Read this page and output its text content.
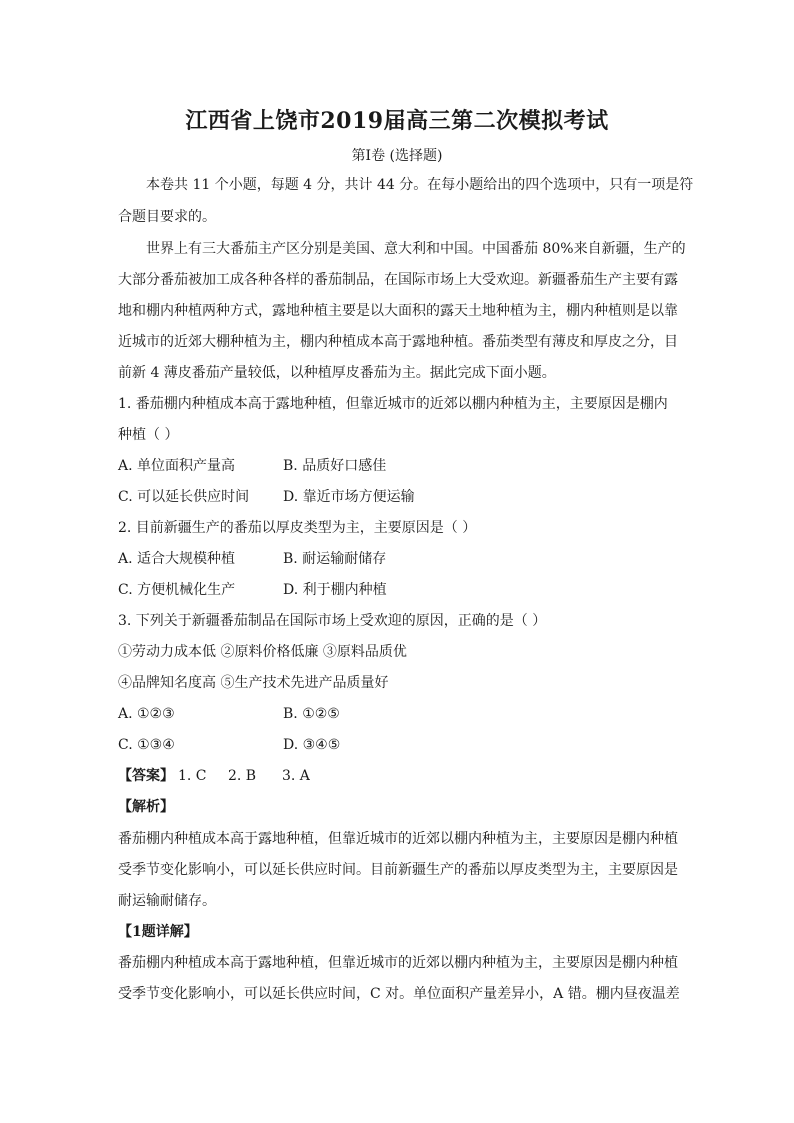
江西省上饶市2019届高三第二次模拟考试
第Ⅰ卷 (选择题)
本卷共 11 个小题，每题 4 分，共计 44 分。在每小题给出的四个选项中，只有一项是符
合题目要求的。
世界上有三大番茄主产区分别是美国、意大利和中国。中国番茄 80%来自新疆，生产的
大部分番茄被加工成各种各样的番茄制品，在国际市场上大受欢迎。新疆番茄生产主要有露
地和棚内种植两种方式，露地种植主要是以大面积的露天土地种植为主，棚内种植则是以靠
近城市的近郊大棚种植为主，棚内种植成本高于露地种植。番茄类型有薄皮和厚皮之分，目
前新 4 薄皮番茄产量较低，以种植厚皮番茄为主。据此完成下面小题。
1. 番茄棚内种植成本高于露地种植，但靠近城市的近郊以棚内种植为主，主要原因是棚内
种植（ ）
A. 单位面积产量高	B. 品质好口感佳
C. 可以延长供应时间 D. 靠近市场方便运输
2. 目前新疆生产的番茄以厚皮类型为主，主要原因是（ ）
A. 适合大规模种植	B. 耐运输耐储存
C. 方便机械化生产	D. 利于棚内种植
3. 下列关于新疆番茄制品在国际市场上受欢迎的原因，正确的是（ ）
①劳动力成本低 ②原料价格低廉 ③原料品质优
④品牌知名度高 ⑤生产技术先进产品质量好
A. ①②③	B. ①②⑤
C. ①③④	D. ③④⑤
【答案】 1. C 2. B 3. A
【解析】
番茄棚内种植成本高于露地种植，但靠近城市的近郊以棚内种植为主，主要原因是棚内种植
受季节变化影响小，可以延长供应时间。目前新疆生产的番茄以厚皮类型为主，主要原因是
耐运输耐储存。
【1题详解】
番茄棚内种植成本高于露地种植，但靠近城市的近郊以棚内种植为主，主要原因是棚内种植
受季节变化影响小，可以延长供应时间，C 对。单位面积产量差异小，A 错。棚内昼夜温差
